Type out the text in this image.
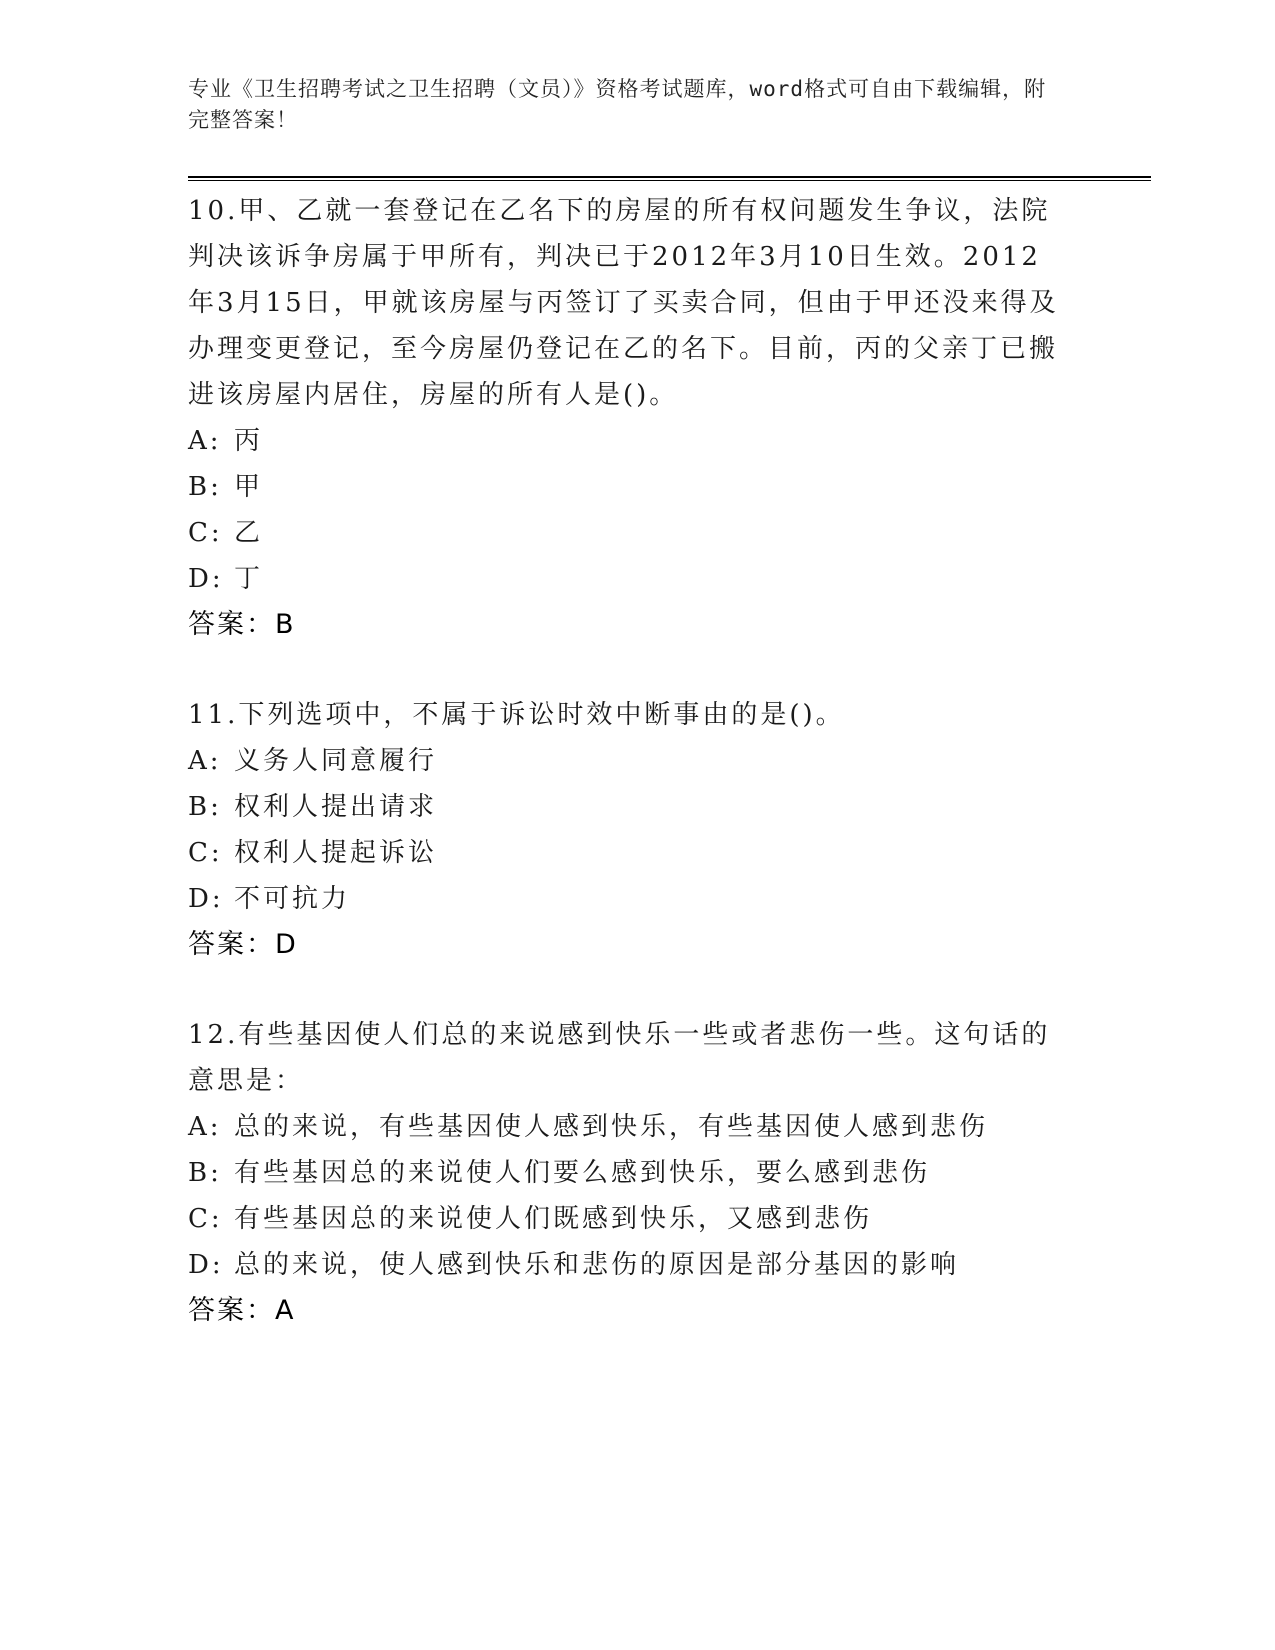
专业《卫生招聘考试之卫生招聘（文员）》资格考试题库，word格式可自由下载编辑，附完整答案！

10.甲、乙就一套登记在乙名下的房屋的所有权问题发生争议，法院判决该诉争房属于甲所有，判决已于2012年3月10日生效。2012年3月15日，甲就该房屋与丙签订了买卖合同，但由于甲还没来得及办理变更登记，至今房屋仍登记在乙的名下。目前，丙的父亲丁已搬进该房屋内居住，房屋的所有人是()。

A: 丙

B: 甲

C: 乙

D: 丁

答案：B

11.下列选项中，不属于诉讼时效中断事由的是()。

A: 义务人同意履行

B: 权利人提出请求

C: 权利人提起诉讼

D: 不可抗力

答案：D

12.有些基因使人们总的来说感到快乐一些或者悲伤一些。这句话的意思是：

A: 总的来说，有些基因使人感到快乐，有些基因使人感到悲伤

B: 有些基因总的来说使人们要么感到快乐，要么感到悲伤

C: 有些基因总的来说使人们既感到快乐，又感到悲伤

D: 总的来说，使人感到快乐和悲伤的原因是部分基因的影响

答案：A
